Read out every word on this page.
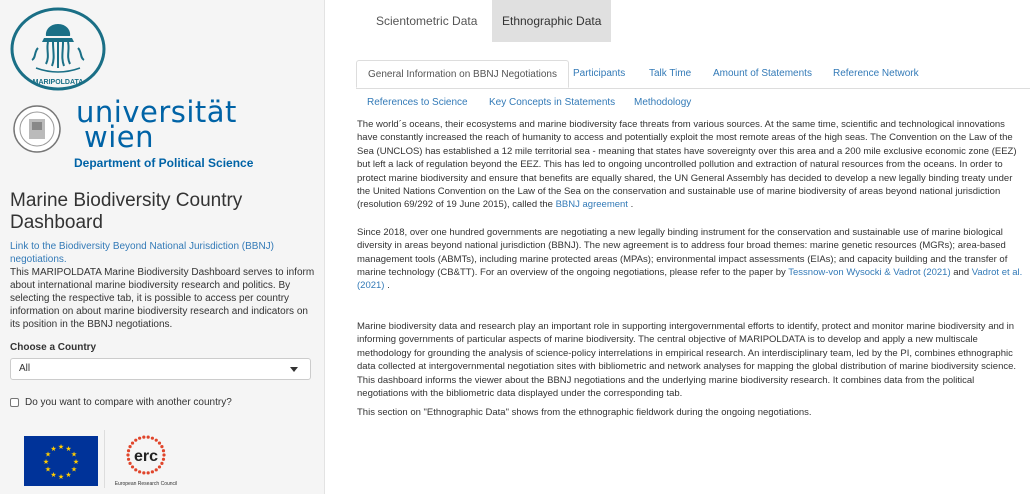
MARIPOLDATA
universität
wien
Department of Political Science
Marine Biodiversity Country Dashboard
Link to the Biodiversity Beyond National Jurisdiction (BBNJ) negotiations.

This MARIPOLDATA Marine Biodiversity Dashboard serves to inform about international marine biodiversity research and politics. By selecting the respective tab, it is possible to access per country information on about marine biodiversity research and indicators on its position in the BBNJ negotiations.

Choose a Country
All
Do you want to compare with another country?
★
★
★
★
★
★
★
★
★ ★ ★
★	erc
European Research Council
Scientometric Data	Ethnographic Data
General Information on BBNJ Negotiations	Participants	Talk Time	Amount of Statements	Reference Network
References to Science	Key Concepts in Statements	Methodology

The world´s oceans, their ecosystems and marine biodiversity face threats from various sources. At the same time, scientific and technological innovations have constantly increased the reach of humanity to access and potentially exploit the most remote areas of the high seas. The Convention on the Law of the Sea (UNCLOS) has established a 12 mile territorial sea - meaning that states have sovereignty over this area and a 200 mile exclusive economic zone (EEZ) but left a lack of regulation beyond the EEZ. This has led to ongoing uncontrolled pollution and extraction of natural resources from the oceans. In order to protect marine biodiversity and ensure that benefits are equally shared, the UN General Assembly has decided to develop a new legally binding treaty under the United Nations Convention on the Law of the Sea on the conservation and sustainable use of marine biodiversity of areas beyond national jurisdiction (resolution 69/292 of 19 June 2015), called the BBNJ agreement .

Since 2018, over one hundred governments are negotiating a new legally binding instrument for the conservation and sustainable use of marine biological diversity in areas beyond national jurisdiction (BBNJ). The new agreement is to address four broad themes: marine genetic resources (MGRs); area-based management tools (ABMTs), including marine protected areas (MPAs); environmental impact assessments (EIAs); and capacity building and the transfer of marine technology (CB&TT). For an overview of the ongoing negotiations, please refer to the paper by Tessnow-von Wysocki & Vadrot (2021) and Vadrot et al. (2021) .

Marine biodiversity data and research play an important role in supporting intergovernmental efforts to identify, protect and monitor marine biodiversity and in informing governments of particular aspects of marine biodiversity. The central objective of MARIPOLDATA is to develop and apply a new multiscale methodology for grounding the analysis of science-policy interrelations in empirical research. An interdisciplinary team, led by the PI, combines ethnographic data collected at intergovernmental negotiation sites with bibliometric and network analyses for mapping the global distribution of marine biodiversity science. This dashboard informs the viewer about the BBNJ negotiations and the underlying marine biodiversity research. It combines data from the political negotiations with the bibliometric data displayed under the corresponding tab.

This section on "Ethnographic Data" shows from the ethnographic fieldwork during the ongoing negotiations.
